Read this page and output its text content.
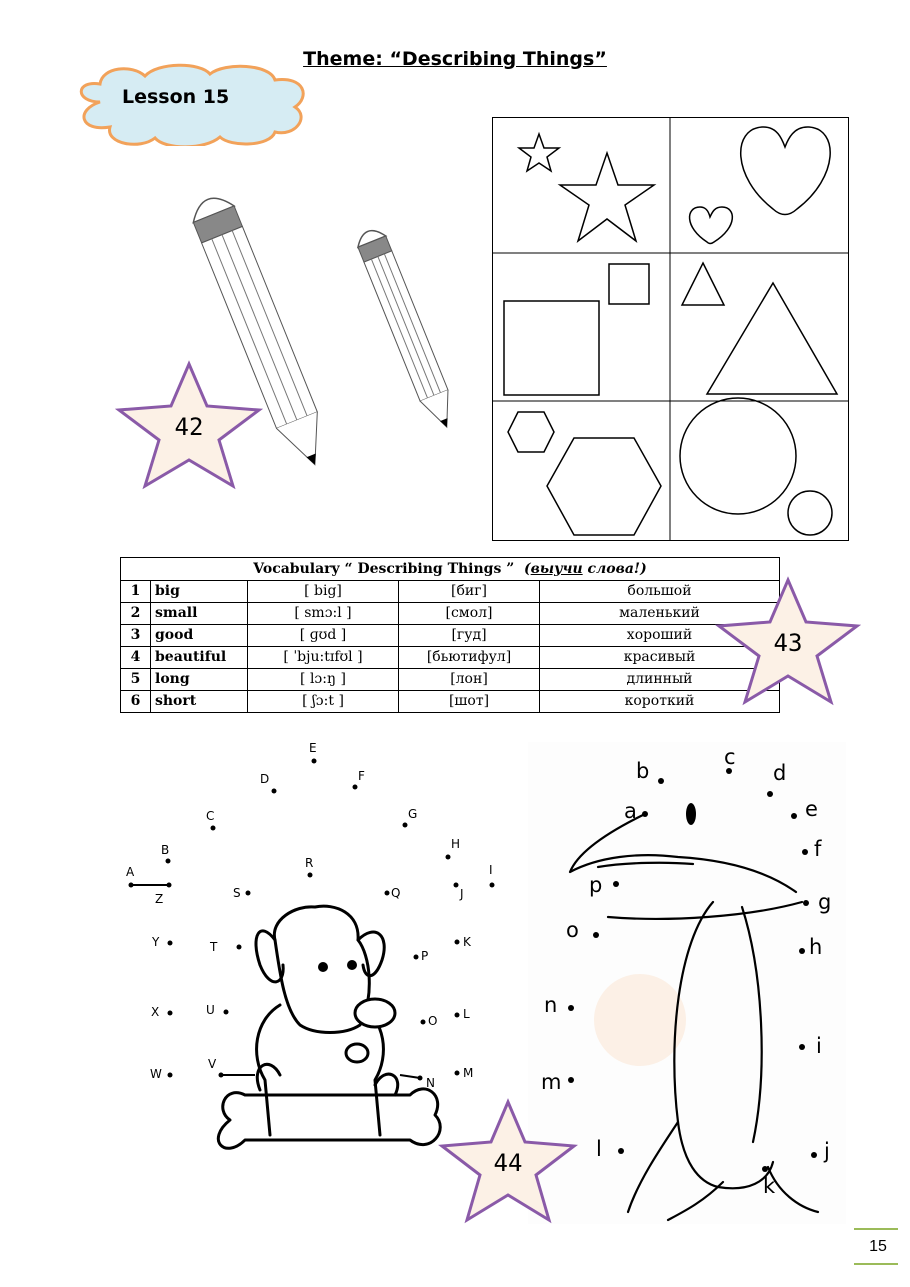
Theme: “Describing Things”
Lesson 15
42
Vocabulary “ Describing Things ” (выучи слова!)				
1	big	[ big]	[биг]	большой
2	small	[ smɔ:l ]	[смол]	маленький
3	good	[ ɡʊd ]	[гуд]	хороший
4	beautiful	[ ˈbju:tɪfʊl ]	[бьютифул]	красивый
5	long	[ lɔ:ŋ ]	[лон]	длинный
6	short	[ ʃɔ:t ]	[шот]	короткий
43
A
B
C
D
E
F
G
H
I
J
K
L
M
N
O
P
Q
R
S
T
U
V
W
X
Y
Z
a
b
c
d
e
f
g
h
i
j
k
l
m
n
o
p
44
15
